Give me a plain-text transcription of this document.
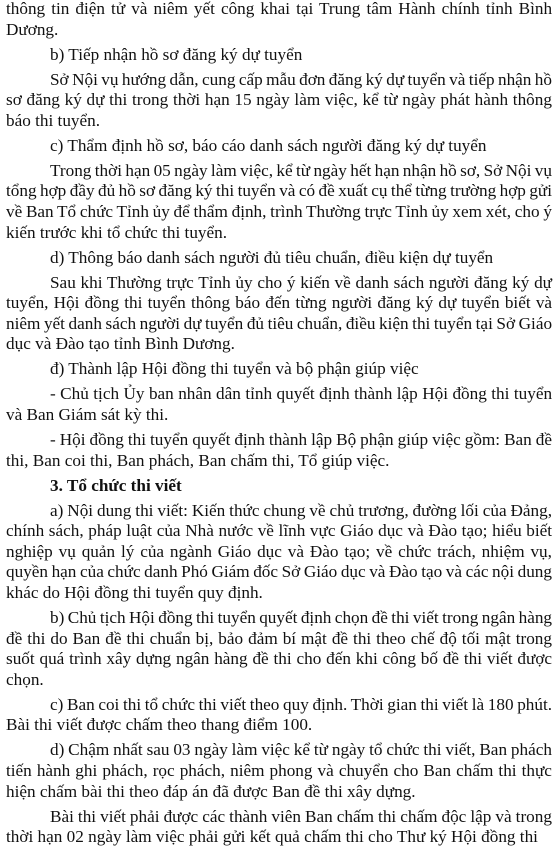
thông tin điện tử và niêm yết công khai tại Trung tâm Hành chính tỉnh Bình
Dương.
b) Tiếp nhận hồ sơ đăng ký dự tuyển
Sở Nội vụ hướng dẫn, cung cấp mẫu đơn đăng ký dự tuyển và tiếp nhận hồ
sơ đăng ký dự thi trong thời hạn 15 ngày làm việc, kể từ ngày phát hành thông
báo thi tuyển.
c) Thẩm định hồ sơ, báo cáo danh sách người đăng ký dự tuyển
Trong thời hạn 05 ngày làm việc, kể từ ngày hết hạn nhận hồ sơ, Sở Nội vụ
tổng hợp đầy đủ hồ sơ đăng ký thi tuyển và có đề xuất cụ thể từng trường hợp gửi
về Ban Tổ chức Tỉnh ủy để thẩm định, trình Thường trực Tỉnh ủy xem xét, cho ý
kiến trước khi tổ chức thi tuyển.
d) Thông báo danh sách người đủ tiêu chuẩn, điều kiện dự tuyển
Sau khi Thường trực Tỉnh ủy cho ý kiến về danh sách người đăng ký dự
tuyển, Hội đồng thi tuyển thông báo đến từng người đăng ký dự tuyển biết và
niêm yết danh sách người dự tuyển đủ tiêu chuẩn, điều kiện thi tuyển tại Sở Giáo
dục và Đào tạo tỉnh Bình Dương.
đ) Thành lập Hội đồng thi tuyển và bộ phận giúp việc
- Chủ tịch Ủy ban nhân dân tỉnh quyết định thành lập Hội đồng thi tuyển
và Ban Giám sát kỳ thi.
- Hội đồng thi tuyển quyết định thành lập Bộ phận giúp việc gồm: Ban đề
thi, Ban coi thi, Ban phách, Ban chấm thi, Tổ giúp việc.
3. Tổ chức thi viết
a) Nội dung thi viết: Kiến thức chung về chủ trương, đường lối của Đảng,
chính sách, pháp luật của Nhà nước về lĩnh vực Giáo dục và Đào tạo; hiểu biết
nghiệp vụ quản lý của ngành Giáo dục và Đào tạo; về chức trách, nhiệm vụ,
quyền hạn của chức danh Phó Giám đốc Sở Giáo dục và Đào tạo và các nội dung
khác do Hội đồng thi tuyển quy định.
b) Chủ tịch Hội đồng thi tuyển quyết định chọn đề thi viết trong ngân hàng
đề thi do Ban đề thi chuẩn bị, bảo đảm bí mật đề thi theo chế độ tối mật trong
suốt quá trình xây dựng ngân hàng đề thi cho đến khi công bố đề thi viết được
chọn.
c) Ban coi thi tổ chức thi viết theo quy định. Thời gian thi viết là 180 phút.
Bài thi viết được chấm theo thang điểm 100.
d) Chậm nhất sau 03 ngày làm việc kể từ ngày tổ chức thi viết, Ban phách
tiến hành ghi phách, rọc phách, niêm phong và chuyển cho Ban chấm thi thực
hiện chấm bài thi theo đáp án đã được Ban đề thi xây dựng.
Bài thi viết phải được các thành viên Ban chấm thi chấm độc lập và trong
thời hạn 02 ngày làm việc phải gửi kết quả chấm thi cho Thư ký Hội đồng thi
